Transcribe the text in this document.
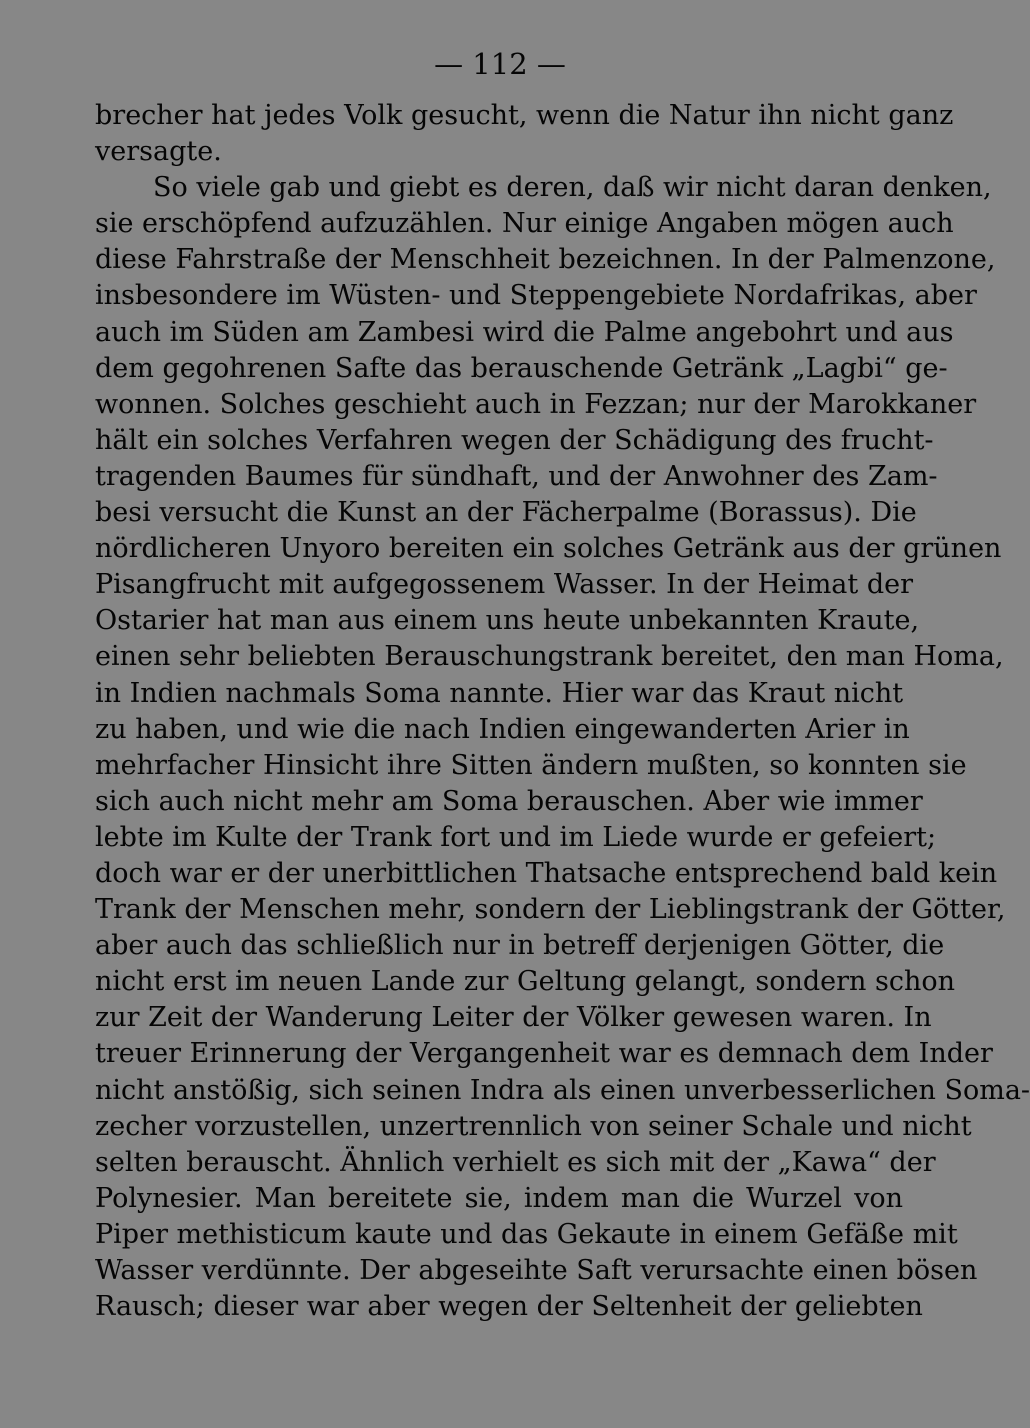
— 112 —
brecher hat jedes Volk gesucht, wenn die Natur ihn nicht ganz
versagte.
So viele gab und giebt es deren, daß wir nicht daran denken,
sie erschöpfend aufzuzählen. Nur einige Angaben mögen auch
diese Fahrstraße der Menschheit bezeichnen. In der Palmenzone,
insbesondere im Wüsten- und Steppengebiete Nordafrikas, aber
auch im Süden am Zambesi wird die Palme angebohrt und aus
dem gegohrenen Safte das berauschende Getränk „Lagbi“ ge-
wonnen. Solches geschieht auch in Fezzan; nur der Marokkaner
hält ein solches Verfahren wegen der Schädigung des frucht-
tragenden Baumes für sündhaft, und der Anwohner des Zam-
besi versucht die Kunst an der Fächerpalme (Borassus). Die
nördlicheren Unyoro bereiten ein solches Getränk aus der grünen
Pisangfrucht mit aufgegossenem Wasser. In der Heimat der
Ostarier hat man aus einem uns heute unbekannten Kraute,
einen sehr beliebten Berauschungstrank bereitet, den man Homa,
in Indien nachmals Soma nannte. Hier war das Kraut nicht
zu haben, und wie die nach Indien eingewanderten Arier in
mehrfacher Hinsicht ihre Sitten ändern mußten, so konnten sie
sich auch nicht mehr am Soma berauschen. Aber wie immer
lebte im Kulte der Trank fort und im Liede wurde er gefeiert;
doch war er der unerbittlichen Thatsache entsprechend bald kein
Trank der Menschen mehr, sondern der Lieblingstrank der Götter,
aber auch das schließlich nur in betreff derjenigen Götter, die
nicht erst im neuen Lande zur Geltung gelangt, sondern schon
zur Zeit der Wanderung Leiter der Völker gewesen waren. In
treuer Erinnerung der Vergangenheit war es demnach dem Inder
nicht anstößig, sich seinen Indra als einen unverbesserlichen Soma-
zecher vorzustellen, unzertrennlich von seiner Schale und nicht
selten berauscht. Ähnlich verhielt es sich mit der „Kawa“ der
Polynesier. Man bereitete sie, indem man die Wurzel von
Piper methisticum kaute und das Gekaute in einem Gefäße mit
Wasser verdünnte. Der abgeseihte Saft verursachte einen bösen
Rausch; dieser war aber wegen der Seltenheit der geliebten
